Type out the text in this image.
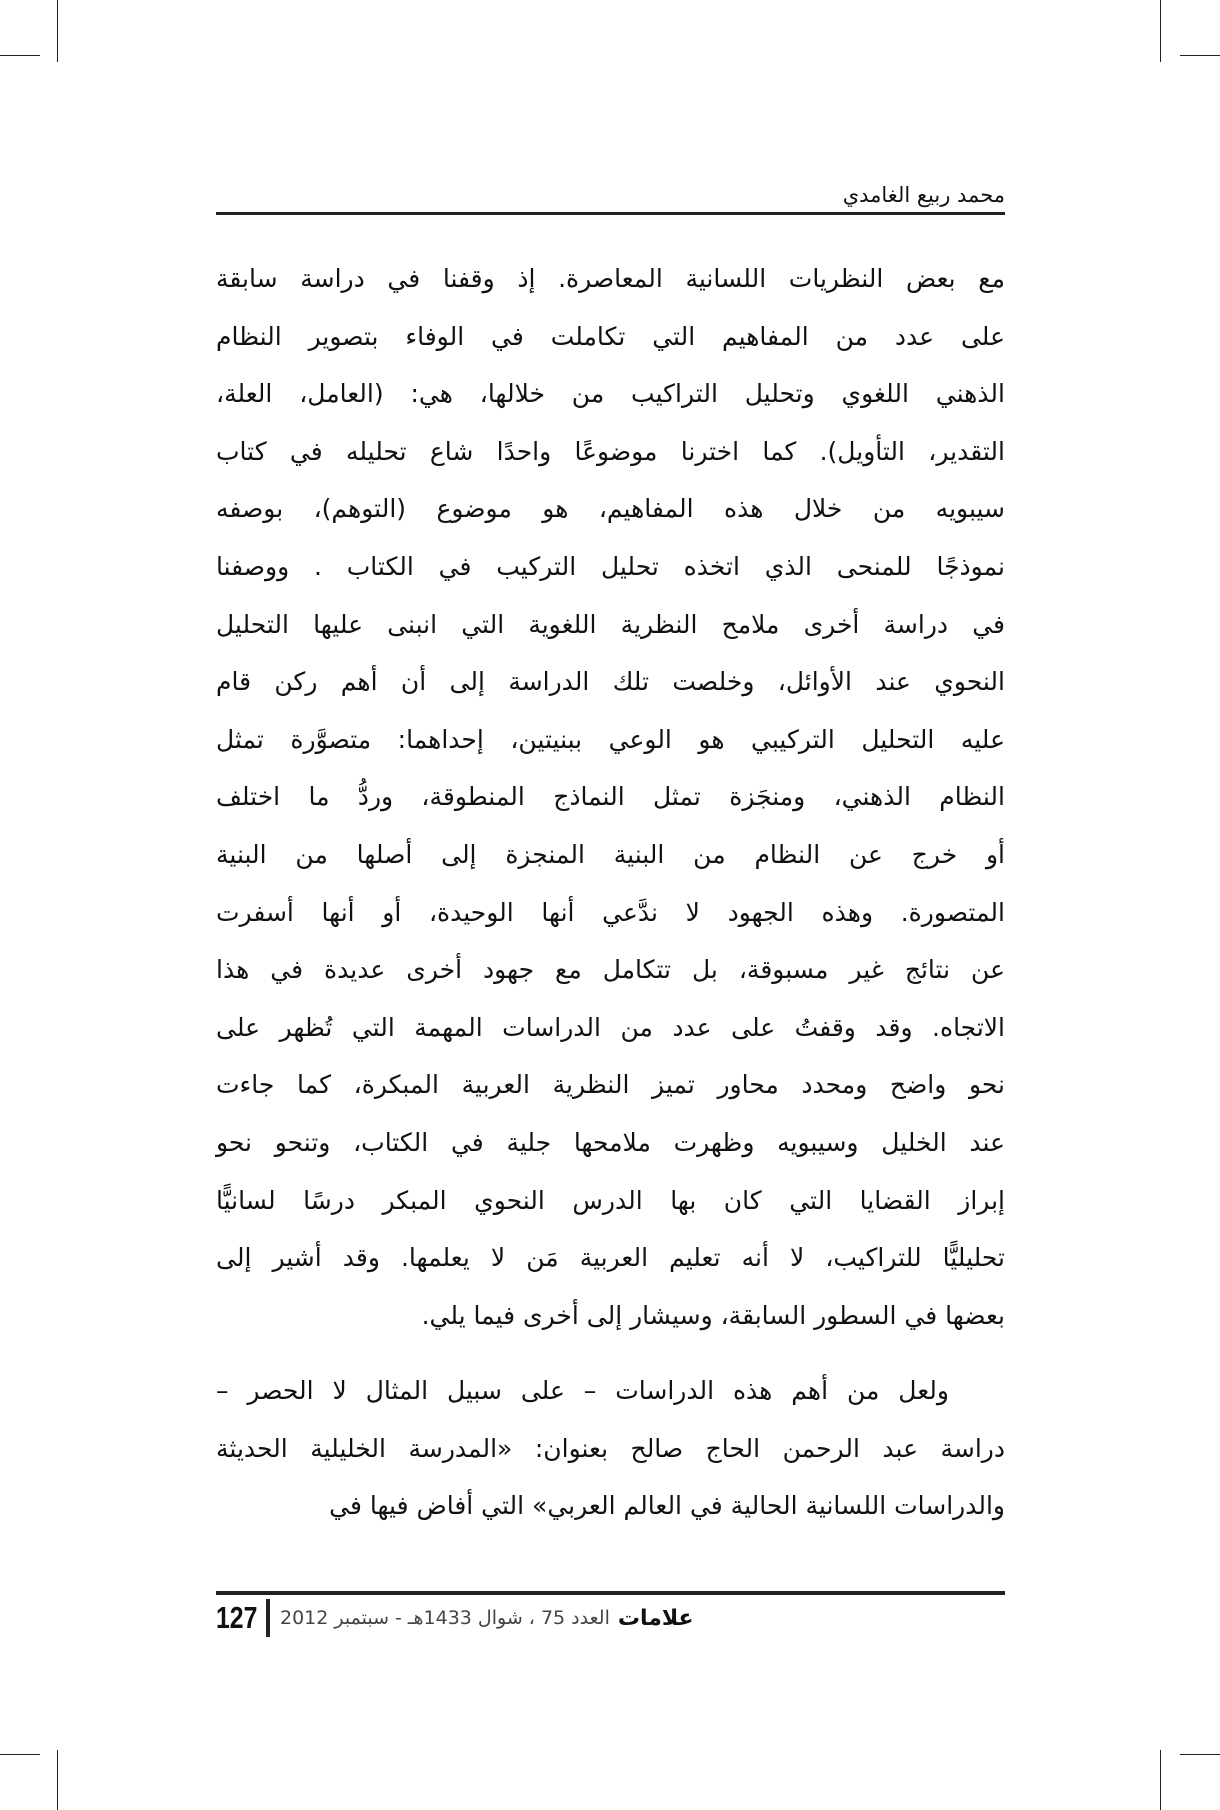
محمد ربيع الغامدي
مع بعض النظريات اللسانية المعاصرة. إذ وقفنا في دراسة سابقة
على عدد من المفاهيم التي تكاملت في الوفاء بتصوير النظام
الذهني اللغوي وتحليل التراكيب من خلالها، هي: (العامل، العلة،
التقدير، التأويل). كما اخترنا موضوعًا واحدًا شاع تحليله في كتاب
سيبويه من خلال هذه المفاهيم، هو موضوع (التوهم)، بوصفه
نموذجًا للمنحى الذي اتخذه تحليل التركيب في الكتاب . ووصفنا
في دراسة أخرى ملامح النظرية اللغوية التي انبنى عليها التحليل
النحوي عند الأوائل، وخلصت تلك الدراسة إلى أن أهم ركن قام
عليه التحليل التركيبي هو الوعي ببنيتين، إحداهما: متصوَّرة تمثل
النظام الذهني، ومنجَزة تمثل النماذج المنطوقة، وردُّ ما اختلف
أو خرج عن النظام من البنية المنجزة إلى أصلها من البنية
المتصورة. وهذه الجهود لا ندَّعي أنها الوحيدة، أو أنها أسفرت
عن نتائج غير مسبوقة، بل تتكامل مع جهود أخرى عديدة في هذا
الاتجاه. وقد وقفتُ على عدد من الدراسات المهمة التي تُظهر على
نحو واضح ومحدد محاور تميز النظرية العربية المبكرة، كما جاءت
عند الخليل وسيبويه وظهرت ملامحها جلية في الكتاب، وتنحو نحو
إبراز القضايا التي كان بها الدرس النحوي المبكر درسًا لسانيًّا
تحليليًّا للتراكيب، لا أنه تعليم العربية مَن لا يعلمها. وقد أشير إلى
بعضها في السطور السابقة، وسيشار إلى أخرى فيما يلي.
ولعل من أهم هذه الدراسات – على سبيل المثال لا الحصر –
دراسة عبد الرحمن الحاج صالح بعنوان: «المدرسة الخليلية الحديثة
والدراسات اللسانية الحالية في العالم العربي» التي أفاض فيها في
127 العدد 75 ، شوال 1433هـ - سبتمبر 2012 علامات
